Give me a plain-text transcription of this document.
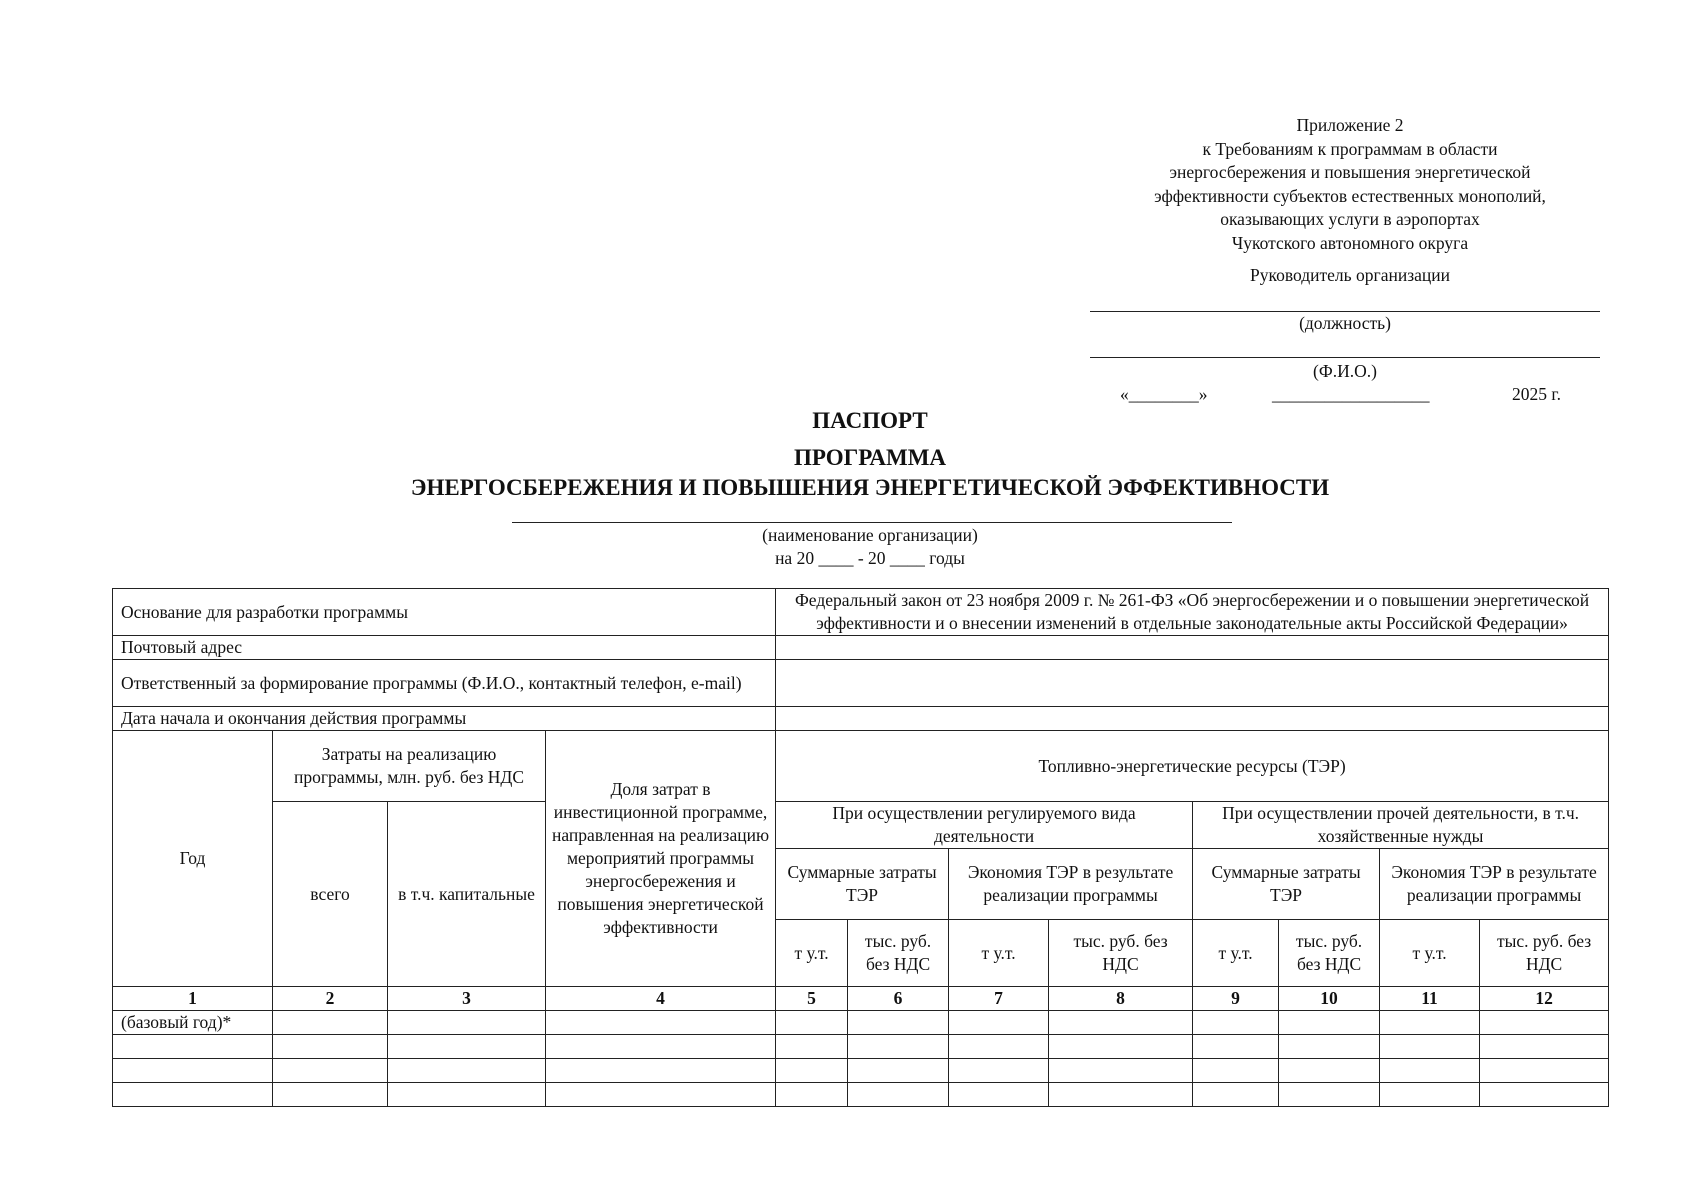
Приложение 2
к Требованиям к программам в области
энергосбережения и повышения энергетической
эффективности субъектов естественных монополий,
оказывающих услуги в аэропортах
Чукотского автономного округа
Руководитель организации
(должность)
(Ф.И.О.)
«________»	__________________	2025 г.
ПАСПОРТ
ПРОГРАММА
ЭНЕРГОСБЕРЕЖЕНИЯ И ПОВЫШЕНИЯ ЭНЕРГЕТИЧЕСКОЙ ЭФФЕКТИВНОСТИ
(наименование организации)
на 20 ____ - 20 ____ годы
Основание для разработки программы				Федеральный закон от 23 ноября 2009 г. № 261-ФЗ «Об энергосбережении и о повышении энергетической эффективности и о внесении изменений в отдельные законодательные акты Российской Федерации»							
Почтовый адрес											
Ответственный за формирование программы (Ф.И.О., контактный телефон, e-mail)											
Дата начала и окончания действия программы											
Год	Затраты на реализацию программы, млн. руб. без НДС		Доля затрат в инвестиционной программе, направленная на реализацию мероприятий программы энергосбережения и повышения энергетической эффективности	Топливно-энергетические ресурсы (ТЭР)							
	всего	в т.ч. капитальные		При осуществлении регулируемого вида деятельности				При осуществлении прочей деятельности, в т.ч. хозяйственные нужды			
				Суммарные затраты ТЭР		Экономия ТЭР в результате реализации программы		Суммарные затраты ТЭР		Экономия ТЭР в результате реализации программы	
				т у.т.	тыс. руб. без НДС	т у.т.	тыс. руб. без НДС	т у.т.	тыс. руб. без НДС	т у.т.	тыс. руб. без НДС

1	2	3	4	5	6	7	8	9	10	11	12
(базовый год)*											
